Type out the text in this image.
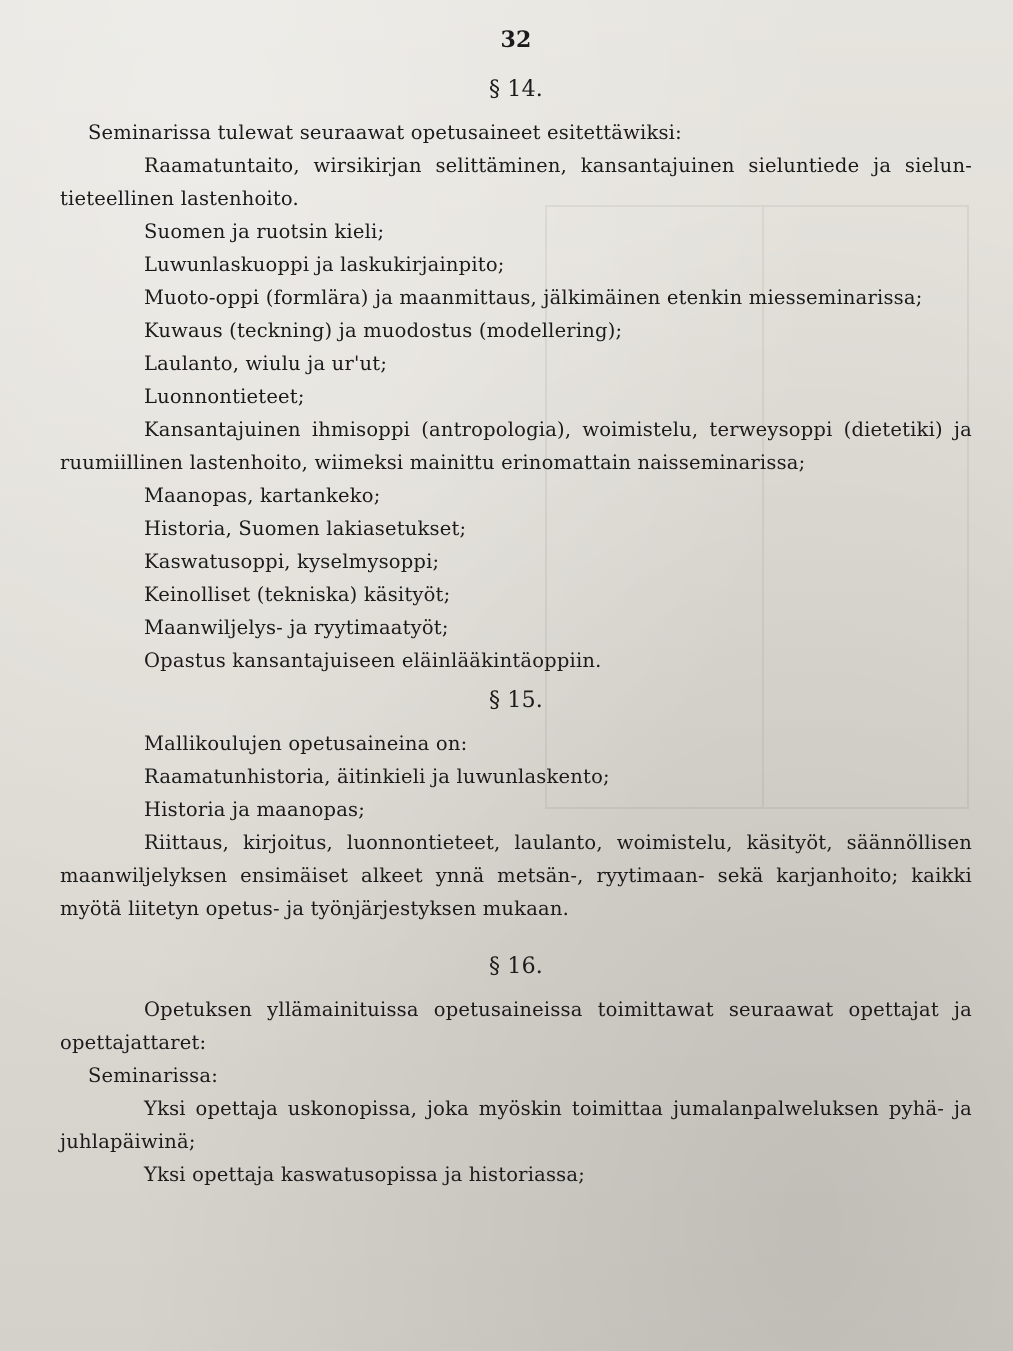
32
§ 14.

Seminarissa tulewat seuraawat opetusaineet esitettäwiksi:

Raamatuntaito, wirsikirjan selittäminen, kansantajuinen sieluntiede ja sielun-tieteellinen lastenhoito.

Suomen ja ruotsin kieli;

Luwunlaskuoppi ja laskukirjainpito;

Muoto-oppi (formlära) ja maanmittaus, jälkimäinen etenkin miesseminarissa;

Kuwaus (teckning) ja muodostus (modellering);

Laulanto, wiulu ja ur'ut;

Luonnontieteet;

Kansantajuinen ihmisoppi (antropologia), woimistelu, terweysoppi (dietetiki) ja ruumiillinen lastenhoito, wiimeksi mainittu erinomattain naisseminarissa;

Maanopas, kartankeko;

Historia, Suomen lakiasetukset;

Kaswatusoppi, kyselmysoppi;

Keinolliset (tekniska) käsityöt;

Maanwiljelys- ja ryytimaatyöt;

Opastus kansantajuiseen eläinlääkintäoppiin.

§ 15.

Mallikoulujen opetusaineina on:

Raamatunhistoria, äitinkieli ja luwunlaskento;

Historia ja maanopas;

Riittaus, kirjoitus, luonnontieteet, laulanto, woimistelu, käsityöt, säännöllisen maanwiljelyksen ensimäiset alkeet ynnä metsän-, ryytimaan- sekä karjanhoito; kaikki myötä liitetyn opetus- ja työnjärjestyksen mukaan.

§ 16.

Opetuksen yllämainituissa opetusaineissa toimittawat seuraawat opettajat ja opettajattaret:

Seminarissa:

Yksi opettaja uskonopissa, joka myöskin toimittaa jumalanpalweluksen pyhä- ja juhlapäiwinä;

Yksi opettaja kaswatusopissa ja historiassa;
